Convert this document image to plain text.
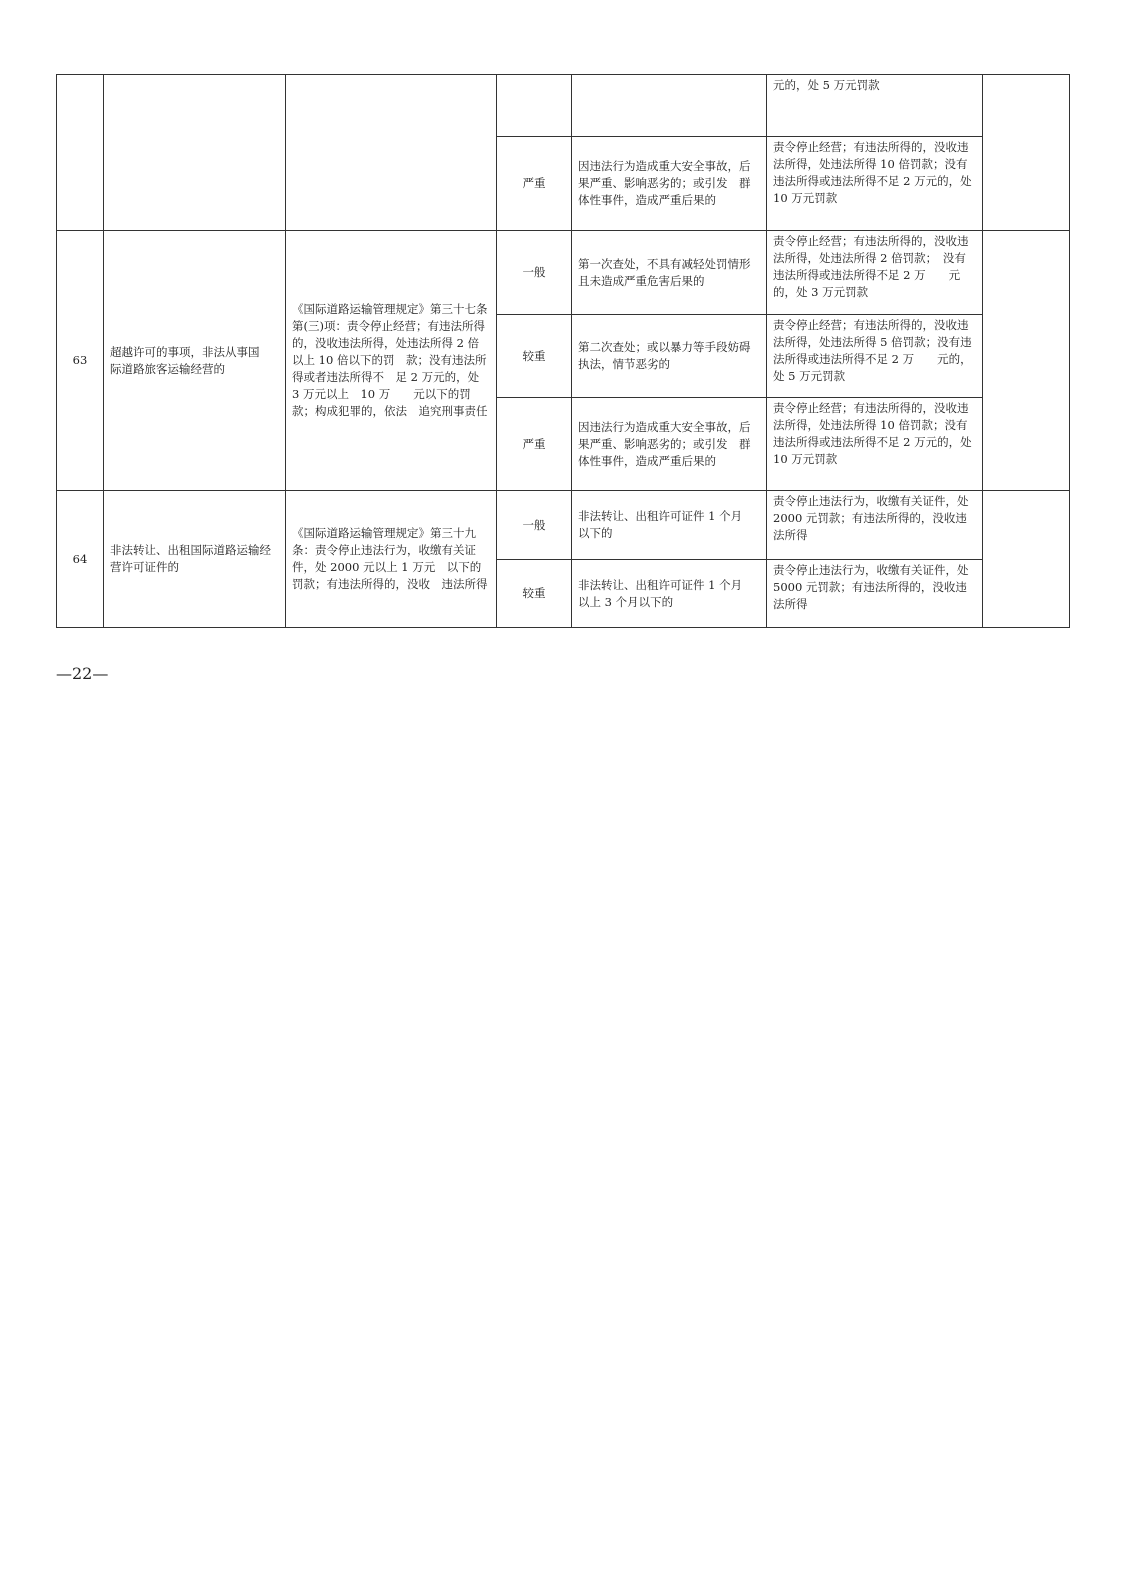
					元的，处 5 万元罚款	
			严重	因违法行为造成重大安全事故，后果严重、影响恶劣的；或引发　群体性事件，造成严重后果的	责令停止经营；有违法所得的，没收违法所得，处违法所得 10 倍罚款；没有违法所得或违法所得不足 2 万元的，处 10 万元罚款	
63	超越许可的事项，非法从事国　际道路旅客运输经营的	《国际道路运输管理规定》第三十七条第(三)项：责令停止经营；有违法所得的，没收违法所得，处违法所得 2 倍以上 10 倍以下的罚　款；没有违法所得或者违法所得不　足 2 万元的，处 3 万元以上　10 万　　元以下的罚款；构成犯罪的，依法　追究刑事责任	一般	第一次查处，不具有减轻处罚情形且未造成严重危害后果的	责令停止经营；有违法所得的，没收违法所得，处违法所得 2 倍罚款；　没有违法所得或违法所得不足 2 万　　元的，处 3 万元罚款	
			较重	第二次查处；或以暴力等手段妨碍执法，情节恶劣的	责令停止经营；有违法所得的，没收违法所得，处违法所得 5 倍罚款；没有违法所得或违法所得不足 2 万　　元的，处 5 万元罚款	
			严重	因违法行为造成重大安全事故，后果严重、影响恶劣的；或引发　群体性事件，造成严重后果的	责令停止经营；有违法所得的，没收违法所得，处违法所得 10 倍罚款；没有违法所得或违法所得不足 2 万元的，处 10 万元罚款	
64	非法转让、出租国际道路运输经营许可证件的	《国际道路运输管理规定》第三十九条：责令停止违法行为，收缴有关证件，处 2000 元以上 1 万元　以下的罚款；有违法所得的，没收　违法所得	一般	非法转让、出租许可证件 1 个月　以下的	责令停止违法行为，收缴有关证件，处 2000 元罚款；有违法所得的，没收违法所得	
			较重	非法转让、出租许可证件 1 个月　以上 3 个月以下的	责令停止违法行为，收缴有关证件，处 5000 元罚款；有违法所得的，没收违法所得	
—22—
